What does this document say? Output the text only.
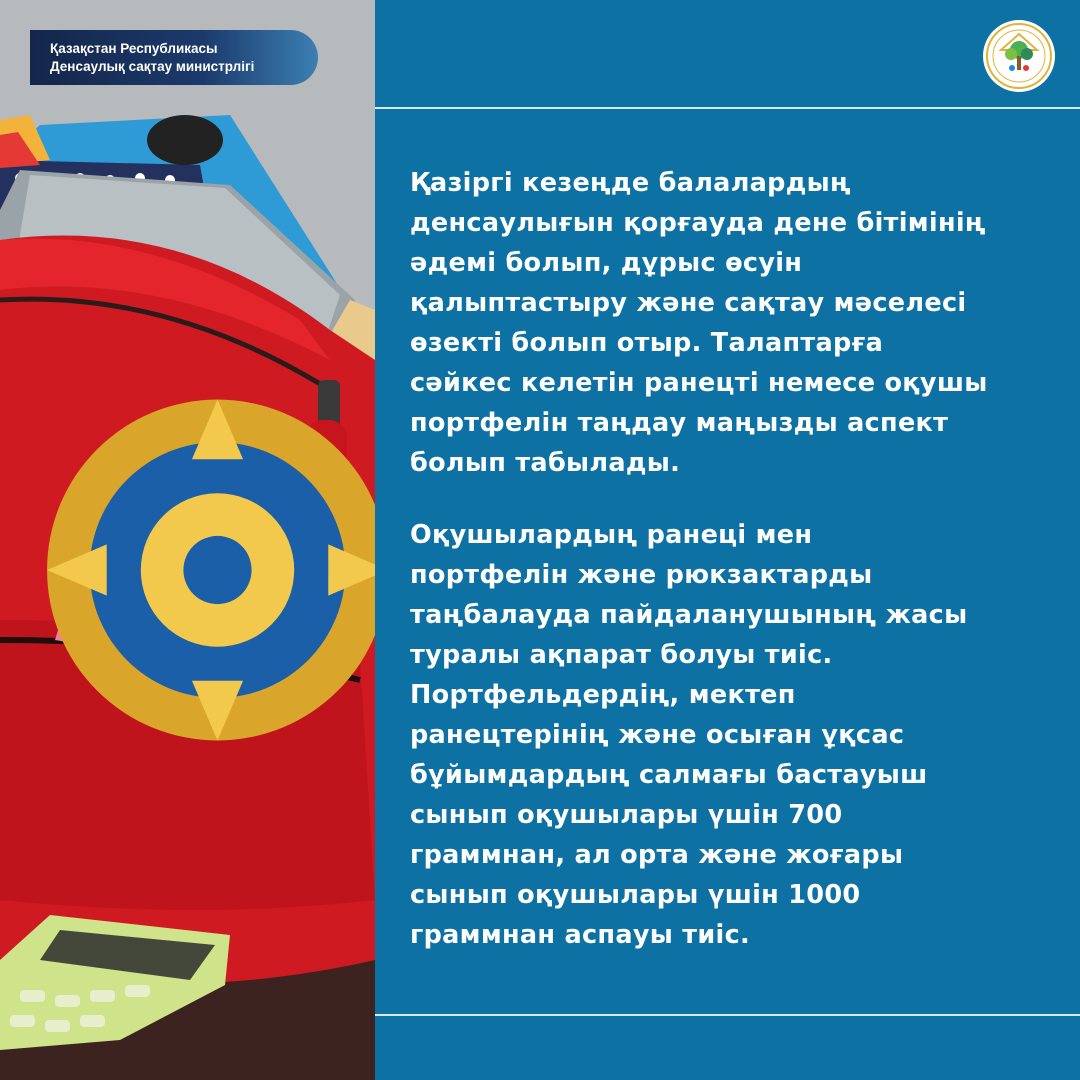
Қазақстан Республикасы
Денсаулық сақтау министрлігі
Қазіргі кезеңде балалардың
денсаулығын қорғауда дене бітімінің
әдемі болып, дұрыс өсуін
қалыптастыру және сақтау мәселесі
өзекті болып отыр. Талаптарға
сәйкес келетін ранецті немесе оқушы
портфелін таңдау маңызды аспект
болып табылады.
Оқушылардың ранеці мен
портфелін және рюкзактарды
таңбалауда пайдаланушының жасы
туралы ақпарат болуы тиіс.
Портфельдердің, мектеп
ранецтерінің және осыған ұқсас
бұйымдардың салмағы бастауыш
сынып оқушылары үшін 700
граммнан, ал орта және жоғары
сынып оқушылары үшін 1000
граммнан аспауы тиіс.
